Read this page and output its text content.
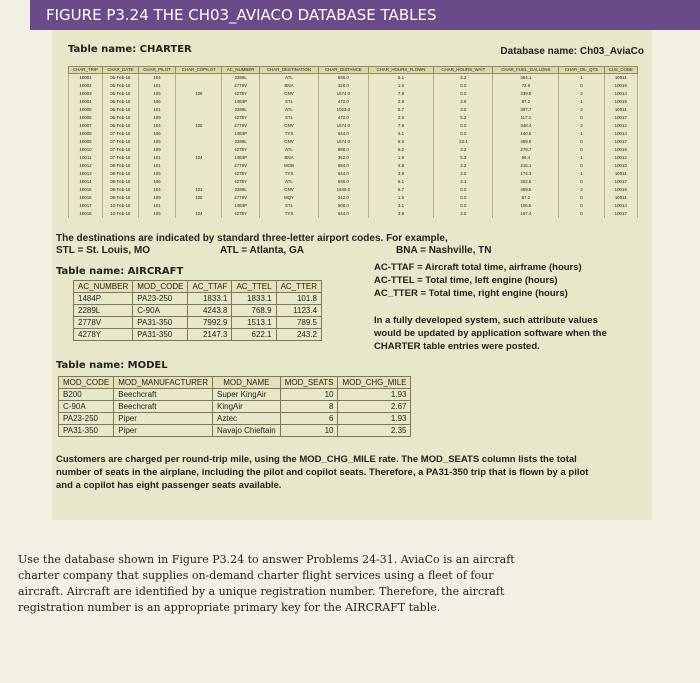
FIGURE P3.24 THE CH03_AVIACO DATABASE TABLES
Table name: CHARTER	Database name: Ch03_AviaCo
CHAR_TRIP	CHAR_DATE	CHAR_PILOT	CHAR_COPILOT	AC_NUMBER	CHAR_DESTINATION	CHAR_DISTANCE	CHAR_HOURS_FLOWN	CHAR_HOURS_WAIT	CHAR_FUEL_GALLONS	CHAR_OIL_QTS	CUS_CODE
10001	05-Feb-18	104		2289L	ATL	936.0	5.1	2.2	354.1	1	10011
10002	05-Feb-18	101		2778V	BNA	320.0	1.6	0.0	72.6	0	10016
10003	05-Feb-18	105	109	4278Y	GNV	1574.0	7.8	0.0	339.8	2	10014
10004	06-Feb-18	106		1484P	STL	472.0	2.9	4.9	97.2	1	10019
10005	06-Feb-18	101		2289L	ATL	1023.0	5.7	3.5	397.7	2	10011
10006	06-Feb-18	109		4278Y	STL	472.0	2.6	5.2	117.1	0	10017
10007	06-Feb-18	104	105	2778V	GNV	1574.0	7.9	0.0	348.4	2	10012
10008	07-Feb-18	106		1484P	TYS	644.0	4.1	0.0	140.6	1	10014
10009	07-Feb-18	105		2289L	GNV	1574.0	6.6	23.4	459.9	0	10017
10010	07-Feb-18	109		4278Y	ATL	998.0	6.2	3.2	279.7	0	10016
10011	07-Feb-18	101	104	1484P	BNA	352.0	1.9	5.3	66.4	1	10012
10012	08-Feb-18	101		2778V	MOB	884.0	4.8	4.2	215.1	0	10010
10013	08-Feb-18	105		4278Y	TYS	644.0	3.9	4.5	174.3	1	10011
10014	09-Feb-18	106		4278Y	ATL	936.0	6.1	2.1	302.6	0	10017
10015	09-Feb-18	104	101	2289L	GNV	1645.0	6.7	0.0	459.5	2	10016
10016	09-Feb-18	109	105	2778V	MQY	312.0	1.5	0.0	67.2	0	10011
10017	10-Feb-18	101		1484P	STL	508.0	3.1	0.0	105.5	0	10014
10018	10-Feb-18	105	104	4278Y	TYS	644.0	3.8	4.5	167.4	0	10017
The destinations are indicated by standard three-letter airport codes. For example,
STL = St. Louis, MO	ATL = Atlanta, GA	BNA = Nashville, TN
Table name: AIRCRAFT
AC_NUMBER	MOD_CODE	AC_TTAF	AC_TTEL	AC_TTER
1484P	PA23-250	1833.1	1833.1	101.8
2289L	C-90A	4243.8	768.9	1123.4
2778V	PA31-350	7992.9	1513.1	789.5
4278Y	PA31-350	2147.3	622.1	243.2
AC-TTAF = Aircraft total time, airframe (hours)
AC-TTEL = Total time, left engine (hours)
AC_TTER = Total time, right engine (hours)
In a fully developed system, such attribute values
would be updated by application software when the
CHARTER table entries were posted.
Table name: MODEL
MOD_CODE	MOD_MANUFACTURER	MOD_NAME	MOD_SEATS	MOD_CHG_MILE
B200	Beechcraft	Super KingAir	10	1.93
C-90A	Beechcraft	KingAir	8	2.67
PA23-250	Piper	Aztec	6	1.93
PA31-350	Piper	Navajo Chieftain	10	2.35
Customers are charged per round-trip mile, using the MOD_CHG_MILE rate. The MOD_SEATS column lists the total
number of seats in the airplane, including the pilot and copilot seats. Therefore, a PA31-350 trip that is flown by a pilot
and a copilot has eight passenger seats available.
Use the database shown in Figure P3.24 to answer Problems 24-31. AviaCo is an aircraft
charter company that supplies on-demand charter flight services using a fleet of four
aircraft. Aircraft are identified by a unique registration number. Therefore, the aircraft
registration number is an appropriate primary key for the AIRCRAFT table.
